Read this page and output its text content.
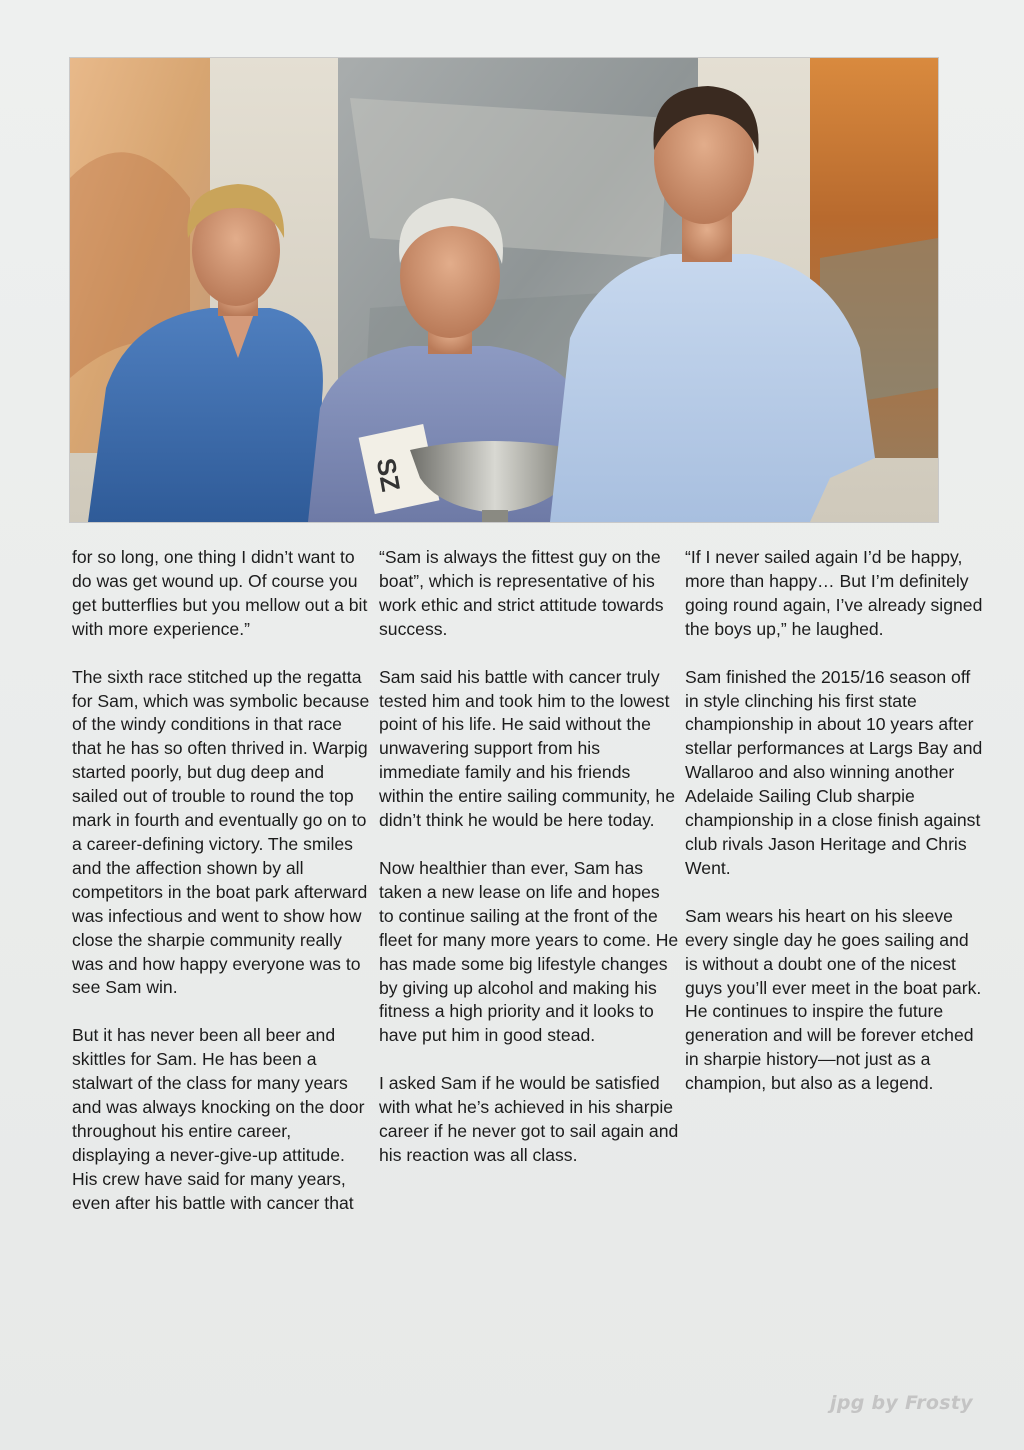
SZ

for so long, one thing I didn’t want to do was get wound up. Of course you get butterflies but you mellow out a bit with more experience.”

The sixth race stitched up the regatta for Sam, which was symbolic because of the windy conditions in that race that he has so often thrived in. Warpig started poorly, but dug deep and sailed out of trouble to round the top mark in fourth and eventually go on to a career-defining victory. The smiles and the affection shown by all competitors in the boat park afterward was infectious and went to show how close the sharpie community really was and how happy everyone was to see Sam win.

But it has never been all beer and skittles for Sam. He has been a stalwart of the class for many years and was always knocking on the door throughout his entire career, displaying a never-give-up attitude. His crew have said for many years, even after his battle with cancer that

“Sam is always the fittest guy on the boat”, which is representative of his work ethic and strict attitude towards success.

Sam said his battle with cancer truly tested him and took him to the lowest point of his life. He said without the unwavering support from his immediate family and his friends within the entire sailing community, he didn’t think he would be here today.

Now healthier than ever, Sam has taken a new lease on life and hopes to continue sailing at the front of the fleet for many more years to come. He has made some big lifestyle changes by giving up alcohol and making his fitness a high priority and it looks to have put him in good stead.

I asked Sam if he would be satisfied with what he’s achieved in his sharpie career if he never got to sail again and his reaction was all class.

“If I never sailed again I’d be happy, more than happy… But I’m definitely going round again, I’ve already signed the boys up,” he laughed.

Sam finished the 2015/16 season off in style clinching his first state championship in about 10 years after stellar performances at Largs Bay and Wallaroo and also winning another Adelaide Sailing Club sharpie championship in a close finish against club rivals Jason Heritage and Chris Went.

Sam wears his heart on his sleeve every single day he goes sailing and is without a doubt one of the nicest guys you’ll ever meet in the boat park. He continues to inspire the future generation and will be forever etched in sharpie history—not just as a champion, but also as a legend.

jpg by Frosty
